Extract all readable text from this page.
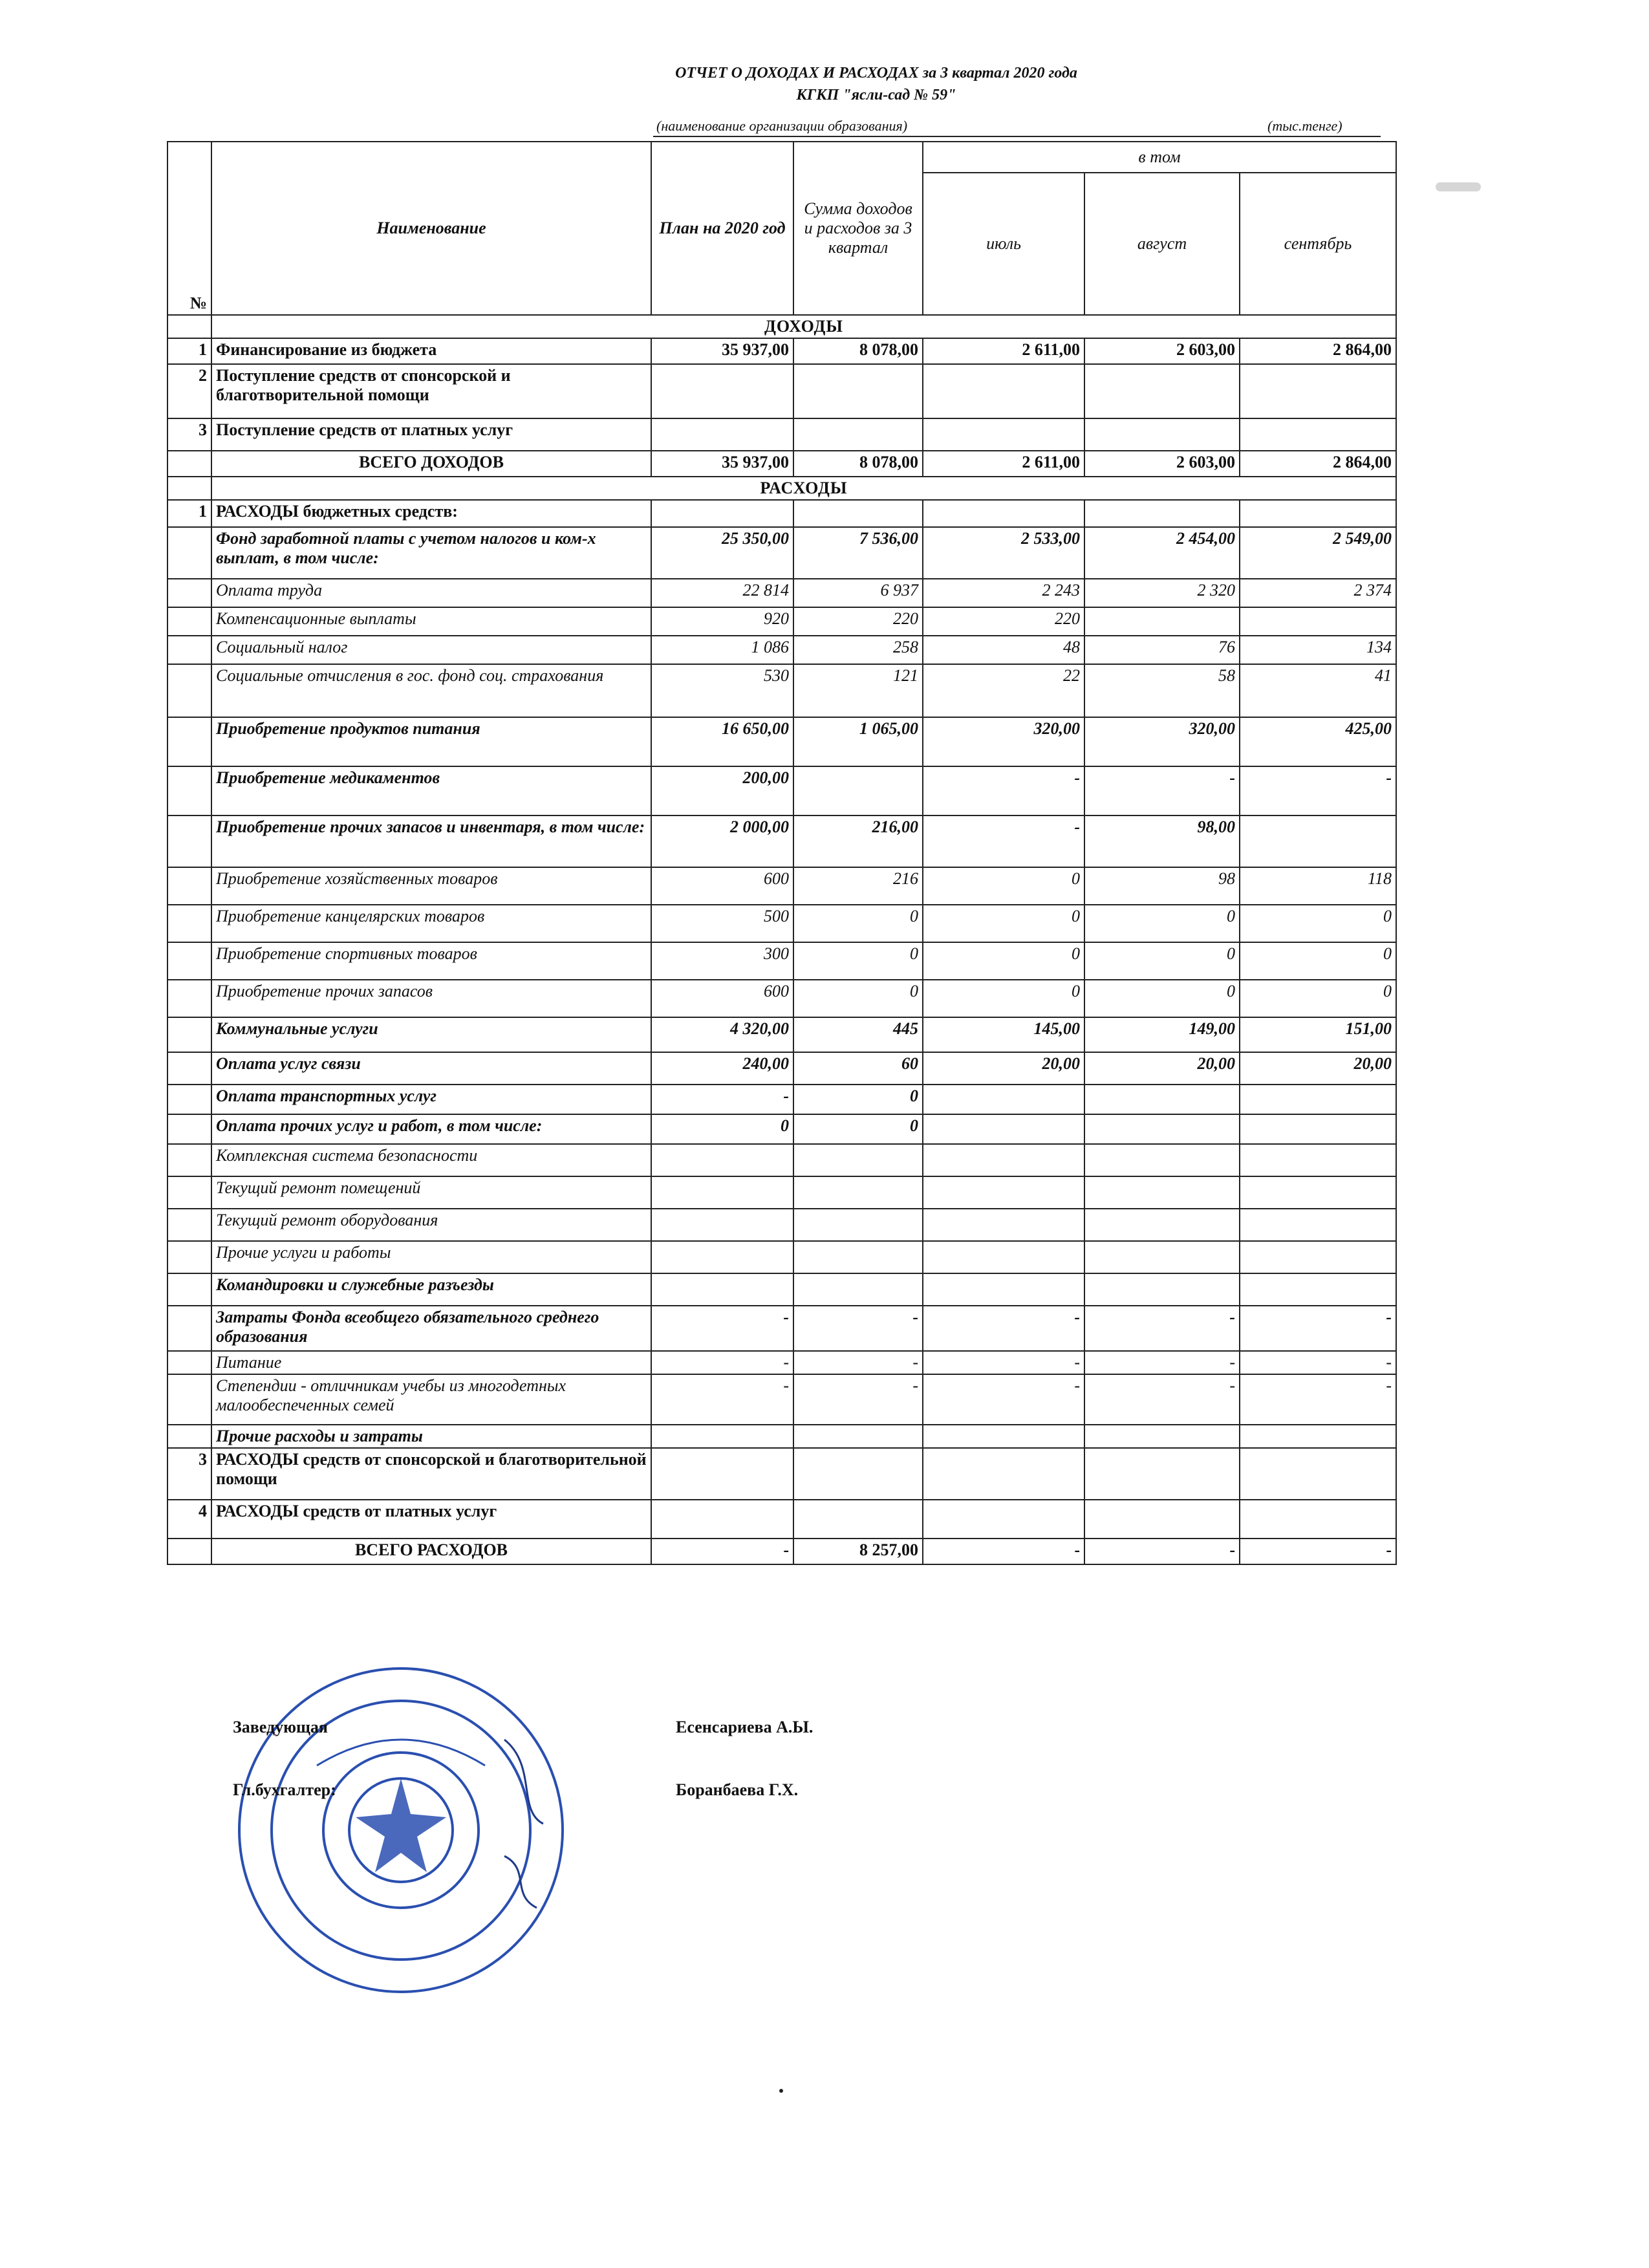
ОТЧЕТ О ДОХОДАХ И РАСХОДАХ за 3 квартал 2020 года
КГКП "ясли-сад № 59"
(наименование организации образования)	(тыс.тенге)
№	Наименование	План на 2020 год	Сумма доходов и расходов за 3 квартал	в том		
				июль	август	сентябрь
	ДОХОДЫ					
1	Финансирование из бюджета	35 937,00	8 078,00	2 611,00	2 603,00	2 864,00
2	Поступление средств от спонсорской и благотворительной помощи					
3	Поступление средств от платных услуг					
	ВСЕГО ДОХОДОВ	35 937,00	8 078,00	2 611,00	2 603,00	2 864,00
	РАСХОДЫ					
1	РАСХОДЫ бюджетных средств:					
	Фонд заработной платы с учетом налогов и ком-х выплат, в том числе:	25 350,00	7 536,00	2 533,00	2 454,00	2 549,00
	Оплата труда	22 814	6 937	2 243	2 320	2 374
	Компенсационные выплаты	920	220	220		
	Социальный налог	1 086	258	48	76	134
	Социальные отчисления в гос. фонд соц. страхования	530	121	22	58	41
	Приобретение продуктов питания	16 650,00	1 065,00	320,00	320,00	425,00
	Приобретение медикаментов	200,00		-	-	-
	Приобретение прочих запасов и инвентаря, в том числе:	2 000,00	216,00	-	98,00	
	Приобретение хозяйственных товаров	600	216	0	98	118
	Приобретение канцелярских товаров	500	0	0	0	0
	Приобретение спортивных товаров	300	0	0	0	0
	Приобретение прочих запасов	600	0	0	0	0
	Коммунальные услуги	4 320,00	445	145,00	149,00	151,00
	Оплата услуг связи	240,00	60	20,00	20,00	20,00
	Оплата транспортных услуг	-	0			
	Оплата прочих услуг и работ, в том числе:	0	0			
	Комплексная система безопасности					
	Текущий ремонт помещений					
	Текущий ремонт оборудования					
	Прочие услуги и работы					
	Командировки и служебные разъезды					
	Затраты Фонда всеобщего обязательного среднего образования	-	-	-	-	-
	Питание	-	-	-	-	-
	Степендии - отличникам учебы из многодетных малообеспеченных семей	-	-	-	-	-
	Прочие расходы и затраты					
3	РАСХОДЫ средств от спонсорской и благотворительной помощи					
4	РАСХОДЫ средств от платных услуг					
	ВСЕГО РАСХОДОВ	-	8 257,00	-	-	-
Заведующая	Есенсариева А.Ы.
Гл.бухгалтер:	Боранбаева Г.Х.
